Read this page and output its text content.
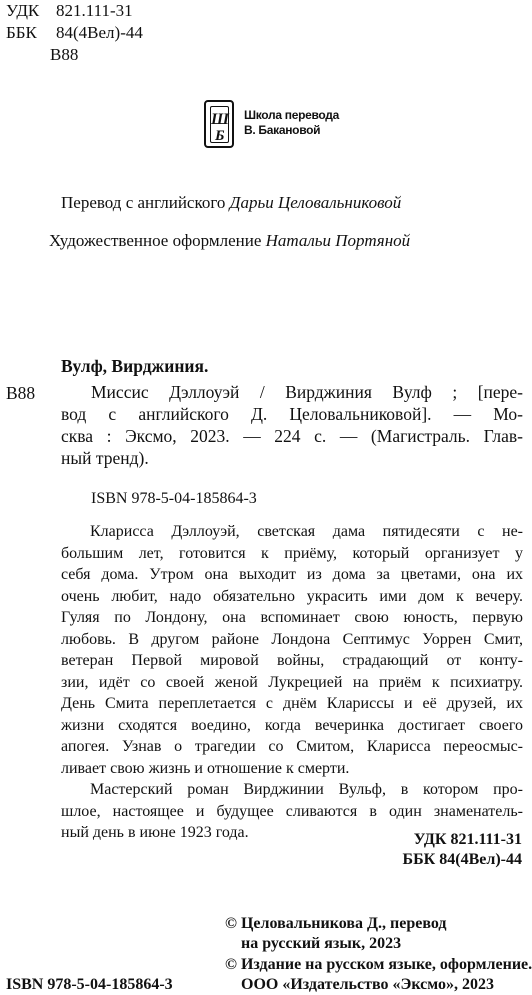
УДК 821.111-31
ББК 84(4Вел)-44
В88
Ш
Б
Школа перевода
В. Бакановой
Перевод с английского Дарьи Целовальниковой
Художественное оформление Натальи Портяной
Вулф, Вирджиния.
В88	Миссис Дэллоуэй / Вирджиния Вулф ; [пере-
вод с английского Д. Целовальниковой]. — Мо-
сква : Эксмо, 2023. — 224 с. — (Магистраль. Глав-
ный тренд).
ISBN 978-5-04-185864-3
Кларисса Дэллоуэй, светская дама пятидесяти с не-
большим лет, готовится к приёму, который организует у
себя дома. Утром она выходит из дома за цветами, она их
очень любит, надо обязательно украсить ими дом к вечеру.
Гуляя по Лондону, она вспоминает свою юность, первую
любовь. В другом районе Лондона Септимус Уоррен Смит,
ветеран Первой мировой войны, страдающий от конту-
зии, идёт со своей женой Лукрецией на приём к психиатру.
День Смита переплетается с днём Клариссы и её друзей, их
жизни сходятся воедино, когда вечеринка достигает своего
апогея. Узнав о трагедии со Смитом, Кларисса переосмыс-
ливает свою жизнь и отношение к смерти.
Мастерский роман Вирджинии Вульф, в котором про-
шлое, настоящее и будущее сливаются в один знаменатель-
ный день в июне 1923 года.	УДК 821.111-31
ББК 84(4Вел)-44
© Целовальникова Д., перевод
на русский язык, 2023
© Издание на русском языке, оформление.
ООО «Издательство «Эксмо», 2023
ISBN 978-5-04-185864-3
